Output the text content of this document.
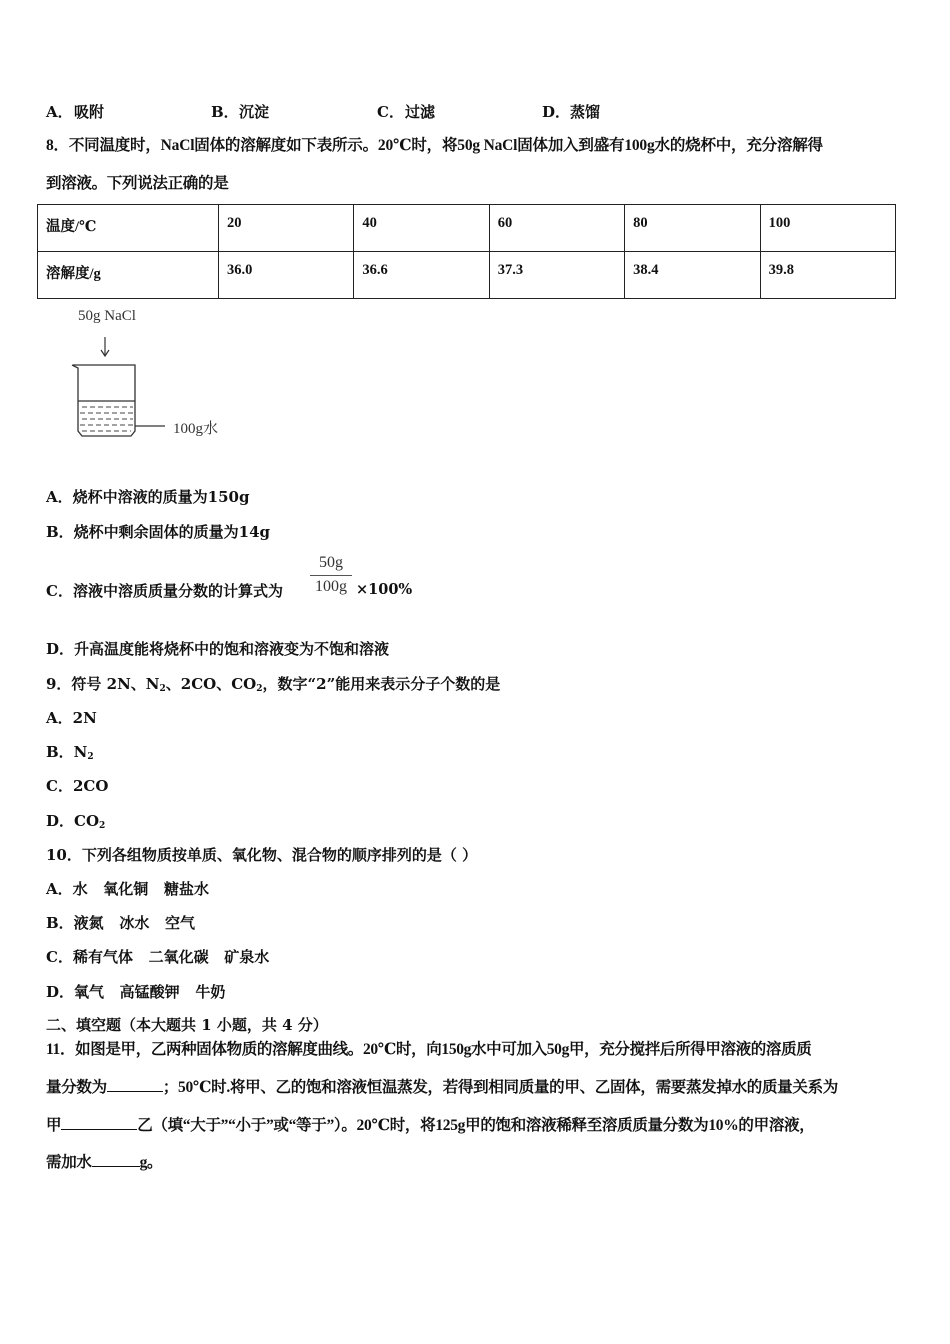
A． 吸附	B． 沉淀	C． 过滤	D． 蒸馏
8．不同温度时，NaCl固体的溶解度如下表所示。20℃时，将50g NaCl固体加入到盛有100g水的烧杯中，充分溶解得
到溶液。下列说法正确的是
温度/℃	20	40	60	80	100
溶解度/g	36.0	36.6	37.3	38.4	39.8
50g NaCl
100g水
A．烧杯中溶液的质量为150g
B．烧杯中剩余固体的质量为14g
C．溶液中溶质质量分数的计算式为 $\frac{50g}{100g} \times 100\%$
D．升高温度能将烧杯中的饱和溶液变为不饱和溶液
9．符号 2N、$N_2$、2CO、$CO_2$，数字“2”能用来表示分子个数的是
A．2N
B．$N_2$
C．2CO
D．$CO_2$
10．下列各组物质按单质、氧化物、混合物的顺序排列的是（ ）
A．水   氧化铜   糖盐水
B．液氮   冰水   空气
C．稀有气体   二氧化碳   矿泉水
D．氧气   高锰酸钾   牛奶
二、填空题（本大题共 1 小题，共 4 分）
11．如图是甲，乙两种固体物质的溶解度曲线。20℃时，向150g水中可加入50g甲，充分搅拌后所得甲溶液的溶质质
量分数为	；50℃时.将甲、乙的饱和溶液恒温蒸发，若得到相同质量的甲、乙固体，需要蒸发掉水的质量关系为
甲	乙（填“大于”“小于”或“等于”）。20℃时，将125g甲的饱和溶液稀释至溶质质量分数为10%的甲溶液，
需加水	g。
